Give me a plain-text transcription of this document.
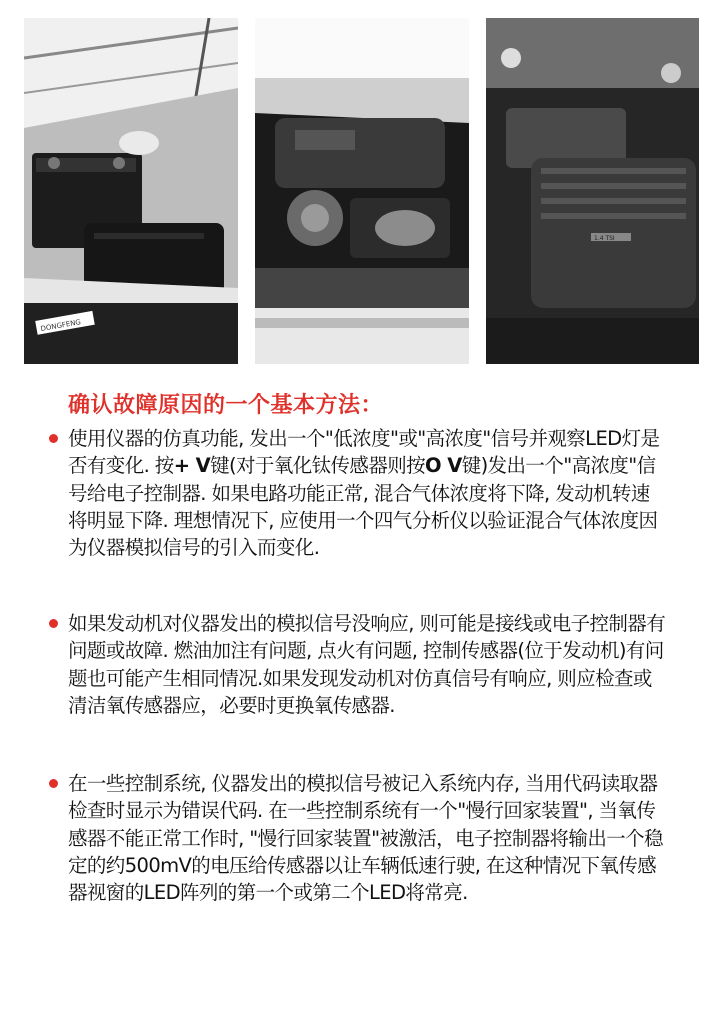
DONGFENG
1.4 TSI
确认故障原因的一个基本方法：

使用仪器的仿真功能, 发出一个"低浓度"或"高浓度"信号并观察LED灯是否有变化. 按+ V键(对于氧化钛传感器则按O V键)发出一个"高浓度"信号给电子控制器. 如果电路功能正常, 混合气体浓度将下降, 发动机转速将明显下降. 理想情况下, 应使用一个四气分析仪以验证混合气体浓度因为仪器模拟信号的引入而变化.

如果发动机对仪器发出的模拟信号没响应, 则可能是接线或电子控制器有问题或故障. 燃油加注有问题, 点火有问题, 控制传感器(位于发动机)有问题也可能产生相同情况.如果发现发动机对仿真信号有响应, 则应检查或清洁氧传感器应，必要时更换氧传感器.

在一些控制系统, 仪器发出的模拟信号被记入系统内存, 当用代码读取器检查时显示为错误代码. 在一些控制系统有一个"慢行回家装置", 当氧传感器不能正常工作时, "慢行回家装置"被激活，电子控制器将输出一个稳定的约500mV的电压给传感器以让车辆低速行驶, 在这种情况下氧传感器视窗的LED阵列的第一个或第二个LED将常亮.
